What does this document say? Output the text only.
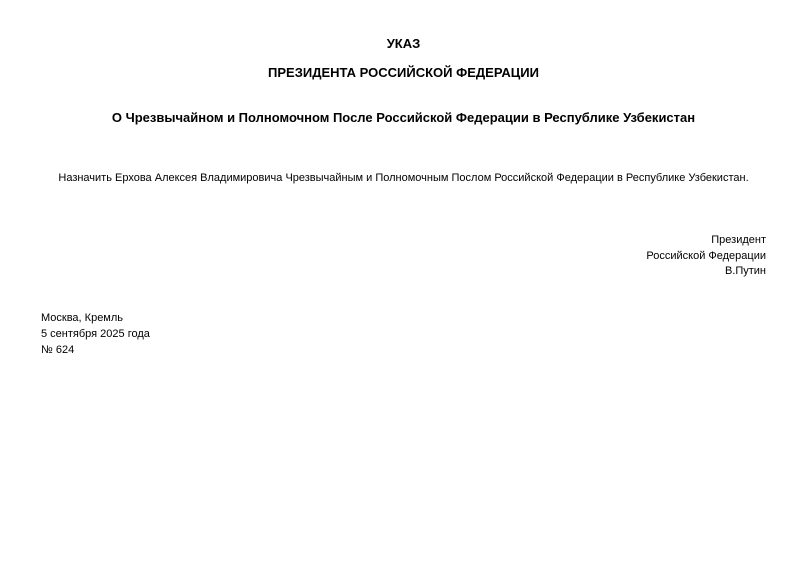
УКАЗ
ПРЕЗИДЕНТА РОССИЙСКОЙ ФЕДЕРАЦИИ
О Чрезвычайном и Полномочном После Российской Федерации в Республике Узбекистан
Назначить Ерхова Алексея Владимировича Чрезвычайным и Полномочным Послом Российской Федерации в Республике Узбекистан.
Президент
Российской Федерации
В.Путин
Москва, Кремль
5 сентября 2025 года
№ 624
